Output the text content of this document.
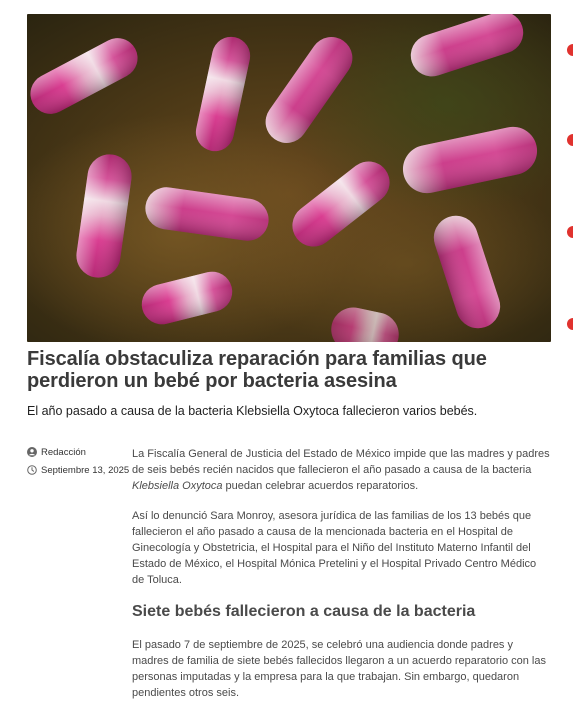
Fiscalía obstaculiza reparación para familias que perdieron un bebé por bacteria asesina

El año pasado a causa de la bacteria Klebsiella Oxytoca fallecieron varios bebés.

Redacción
Septiembre 13, 2025

La Fiscalía General de Justicia del Estado de México impide que las madres y padres de seis bebés recién nacidos que fallecieron el año pasado a causa de la bacteria Klebsiella Oxytoca puedan celebrar acuerdos reparatorios.

Así lo denunció Sara Monroy, asesora jurídica de las familias de los 13 bebés que fallecieron el año pasado a causa de la mencionada bacteria en el Hospital de Ginecología y Obstetricia, el Hospital para el Niño del Instituto Materno Infantil del Estado de México, el Hospital Mónica Pretelini y el Hospital Privado Centro Médico de Toluca.

Siete bebés fallecieron a causa de la bacteria

El pasado 7 de septiembre de 2025, se celebró una audiencia donde padres y madres de familia de siete bebés fallecidos llegaron a un acuerdo reparatorio con las personas imputadas y la empresa para la que trabajan. Sin embargo, quedaron pendientes otros seis.
